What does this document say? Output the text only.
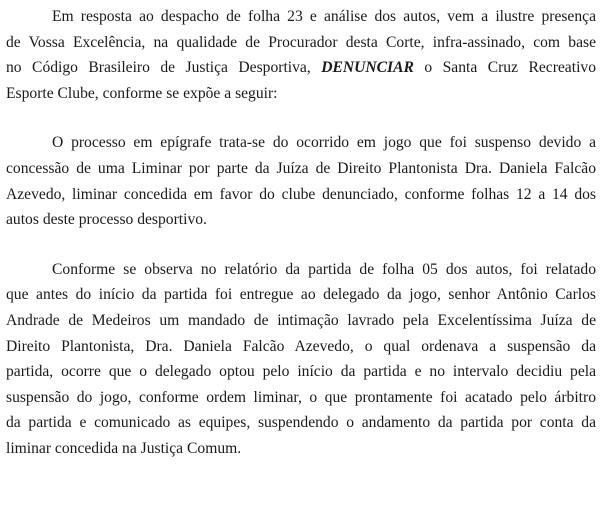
Em resposta ao despacho de folha 23 e análise dos autos, vem a ilustre presença
de Vossa Excelência, na qualidade de Procurador desta Corte, infra-assinado, com base
no Código Brasileiro de Justiça Desportiva, DENUNCIAR o Santa Cruz Recreativo
Esporte Clube, conforme se expõe a seguir:

O processo em epígrafe trata-se do ocorrido em jogo que foi suspenso devido a
concessão de uma Liminar por parte da Juíza de Direito Plantonista Dra. Daniela Falcão
Azevedo, liminar concedida em favor do clube denunciado, conforme folhas 12 a 14 dos
autos deste processo desportivo.

Conforme se observa no relatório da partida de folha 05 dos autos, foi relatado
que antes do início da partida foi entregue ao delegado da jogo, senhor Antônio Carlos
Andrade de Medeiros um mandado de intimação lavrado pela Excelentíssima Juíza de
Direito Plantonista, Dra. Daniela Falcão Azevedo, o qual ordenava a suspensão da
partida, ocorre que o delegado optou pelo início da partida e no intervalo decidiu pela
suspensão do jogo, conforme ordem liminar, o que prontamente foi acatado pelo árbitro
da partida e comunicado as equipes, suspendendo o andamento da partida por conta da
liminar concedida na Justiça Comum.
